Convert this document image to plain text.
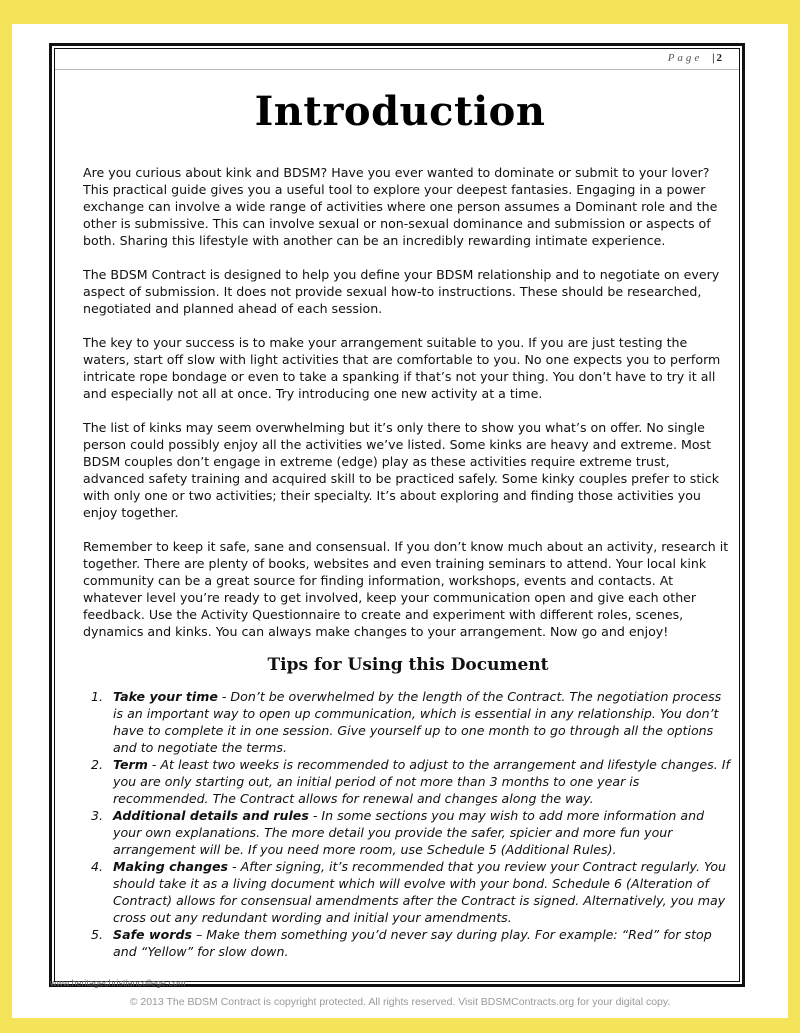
Page | 2
Introduction

Are you curious about kink and BDSM? Have you ever wanted to dominate or submit to your lover? This practical guide gives you a useful tool to explore your deepest fantasies. Engaging in a power exchange can involve a wide range of activities where one person assumes a Dominant role and the other is submissive. This can involve sexual or non-sexual dominance and submission or aspects of both. Sharing this lifestyle with another can be an incredibly rewarding intimate experience.

The BDSM Contract is designed to help you define your BDSM relationship and to negotiate on every aspect of submission. It does not provide sexual how-to instructions. These should be researched, negotiated and planned ahead of each session.

The key to your success is to make your arrangement suitable to you. If you are just testing the waters, start off slow with light activities that are comfortable to you. No one expects you to perform intricate rope bondage or even to take a spanking if that’s not your thing. You don’t have to try it all and especially not all at once. Try introducing one new activity at a time.

The list of kinks may seem overwhelming but it’s only there to show you what’s on offer. No single person could possibly enjoy all the activities we’ve listed. Some kinks are heavy and extreme. Most BDSM couples don’t engage in extreme (edge) play as these activities require extreme trust, advanced safety training and acquired skill to be practiced safely. Some kinky couples prefer to stick with only one or two activities; their specialty. It’s about exploring and finding those activities you enjoy together.

Remember to keep it safe, sane and consensual. If you don’t know much about an activity, research it together. There are plenty of books, websites and even training seminars to attend. Your local kink community can be a great source for finding information, workshops, events and contacts. At whatever level you’re ready to get involved, keep your communication open and give each other feedback. Use the Activity Questionnaire to create and experiment with different roles, scenes, dynamics and kinks. You can always make changes to your arrangement. Now go and enjoy!

Tips for Using this Document
1. Take your time - Don’t be overwhelmed by the length of the Contract. The negotiation process is an important way to open up communication, which is essential in any relationship. You don’t have to complete it in one session. Give yourself up to one month to go through all the options and to negotiate the terms.
2. Term - At least two weeks is recommended to adjust to the arrangement and lifestyle changes. If you are only starting out, an initial period of not more than 3 months to one year is recommended. The Contract allows for renewal and changes along the way.
3. Additional details and rules - In some sections you may wish to add more information and your own explanations. The more detail you provide the safer, spicier and more fun your arrangement will be. If you need more room, use Schedule 5 (Additional Rules).
4. Making changes - After signing, it’s recommended that you review your Contract regularly. You should take it as a living document which will evolve with your bond. Schedule 6 (Alteration of Contract) allows for consensual amendments after the Contract is signed. Alternatively, you may cross out any redundant wording and initial your amendments.
5. Safe words – Make them something you’d never say during play. For example: “Red” for stop and “Yellow” for slow down.
www.heritagechristiancollege.com
© 2013 The BDSM Contract is copyright protected. All rights reserved. Visit BDSMContracts.org for your digital copy.
